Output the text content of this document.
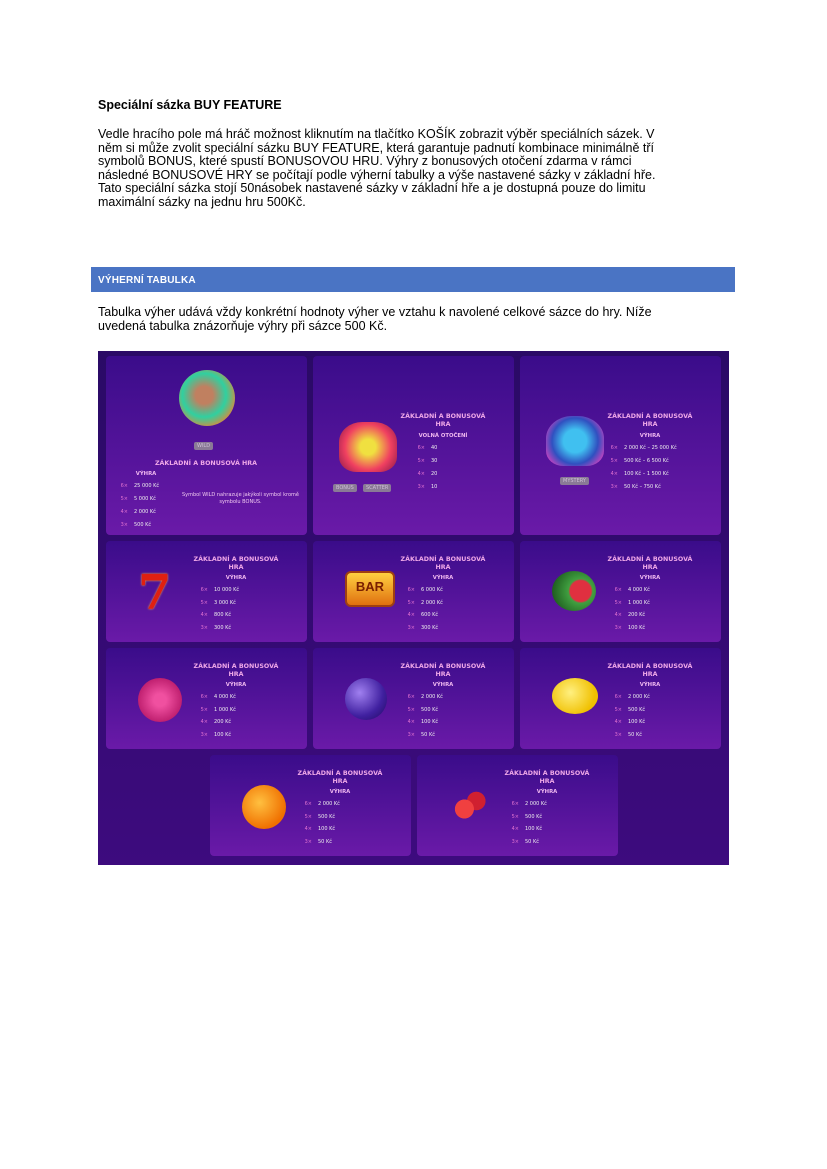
Speciální sázka BUY FEATURE
Vedle hracího pole má hráč možnost kliknutím na tlačítko KOŠÍK zobrazit výběr speciálních sázek. V
něm si může zvolit speciální sázku BUY FEATURE, která garantuje padnutí kombinace minimálně tří
symbolů BONUS, které spustí BONUSOVOU HRU. Výhry z bonusových otočení zdarma v rámci
následné BONUSOVÉ HRY se počítají podle výherní tabulky a výše nastavené sázky v základní hře.
Tato speciální sázka stojí 50násobek nastavené sázky v základní hře a je dostupná pouze do limitu
maximální sázky na jednu hru 500Kč.
VÝHERNÍ TABULKA
Tabulka výher udává vždy konkrétní hodnoty výher ve vztahu k navolené celkové sázce do hry. Níže
uvedená tabulka znázorňuje výhry při sázce 500 Kč.
ZÁKLADNÍ A BONUSOVÁ HRA
VÝHRA
6× 25 000 Kč
5× 5 000 Kč
4× 2 000 Kč
3× 500 Kč
WILD
Symbol WILD nahrazuje jakýkoli symbol kromě symbolu BONUS.
ZÁKLADNÍ A BONUSOVÁ HRA
VOLNÁ OTOČENÍ
6× 40
5× 30
4× 20
3× 10
BONUS	SCATTER
ZÁKLADNÍ A BONUSOVÁ HRA
VÝHRA
6× 2 000 Kč – 25 000 Kč
5× 500 Kč – 6 500 Kč
4× 100 Kč – 1 500 Kč
3× 50 Kč – 750 Kč
MYSTERY
7
ZÁKLADNÍ A BONUSOVÁ HRA
VÝHRA
6× 10 000 Kč
5× 3 000 Kč
4× 800 Kč
3× 300 Kč
BAR
ZÁKLADNÍ A BONUSOVÁ HRA
VÝHRA
6× 6 000 Kč
5× 2 000 Kč
4× 600 Kč
3× 300 Kč
ZÁKLADNÍ A BONUSOVÁ HRA
VÝHRA
6× 4 000 Kč
5× 1 000 Kč
4× 200 Kč
3× 100 Kč
ZÁKLADNÍ A BONUSOVÁ HRA
VÝHRA
6× 4 000 Kč
5× 1 000 Kč
4× 200 Kč
3× 100 Kč
ZÁKLADNÍ A BONUSOVÁ HRA
VÝHRA
6× 2 000 Kč
5× 500 Kč
4× 100 Kč
3× 50 Kč
ZÁKLADNÍ A BONUSOVÁ HRA
VÝHRA
6× 2 000 Kč
5× 500 Kč
4× 100 Kč
3× 50 Kč
ZÁKLADNÍ A BONUSOVÁ HRA
VÝHRA
6× 2 000 Kč
5× 500 Kč
4× 100 Kč
3× 50 Kč
ZÁKLADNÍ A BONUSOVÁ HRA
VÝHRA
6× 2 000 Kč
5× 500 Kč
4× 100 Kč
3× 50 Kč
